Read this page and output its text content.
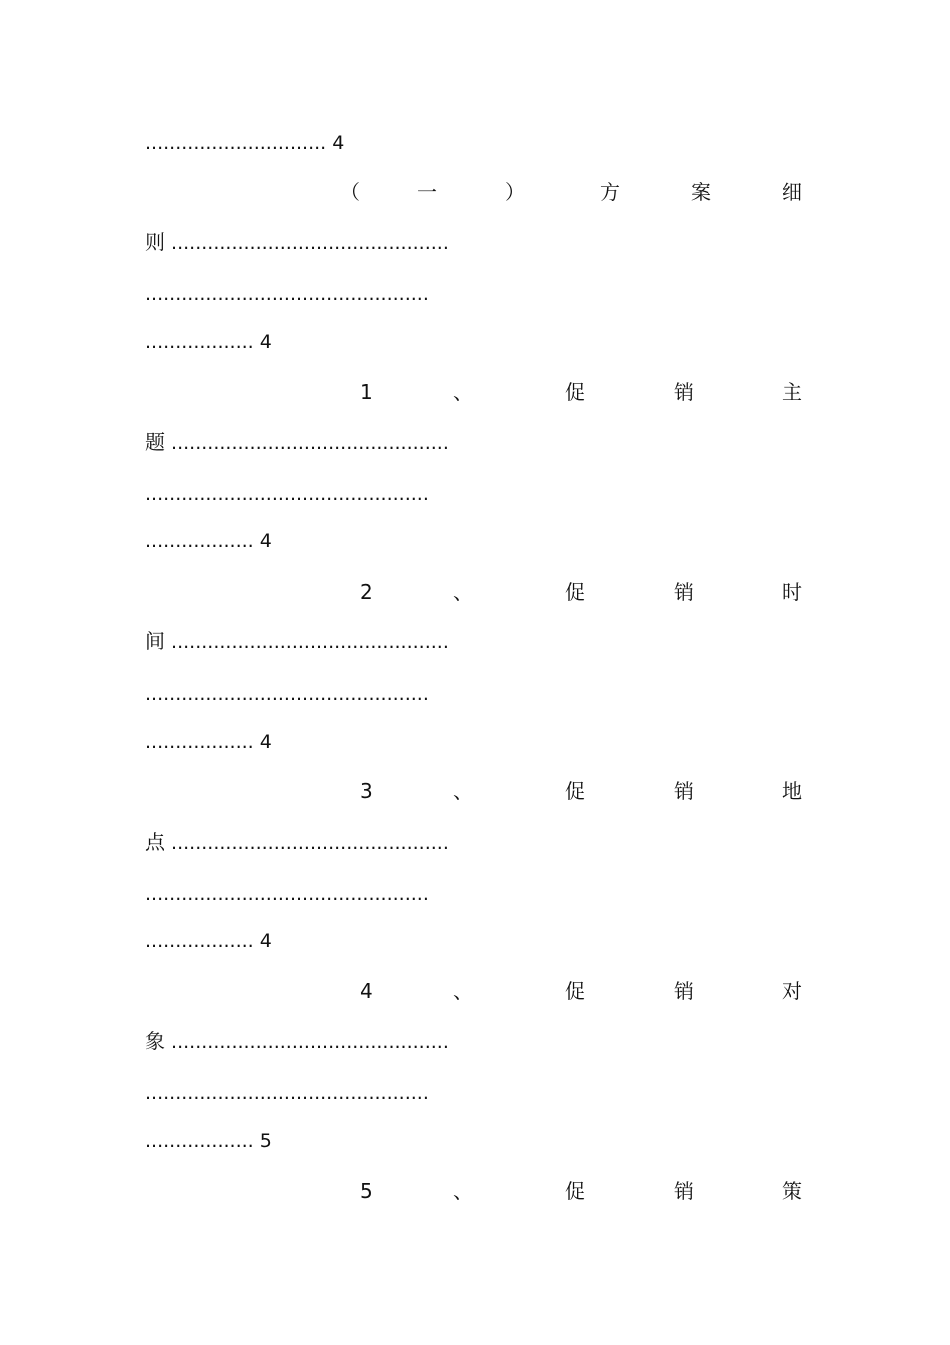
.............................. 4
（	一	）	方	案	细
则 ..............................................
...............................................
.................. 4
1	、	促	销	主
题 ..............................................
...............................................
.................. 4
2	、	促	销	时
间 ..............................................
...............................................
.................. 4
3	、	促	销	地
点 ..............................................
...............................................
.................. 4
4	、	促	销	对
象 ..............................................
...............................................
.................. 5
5	、	促	销	策
